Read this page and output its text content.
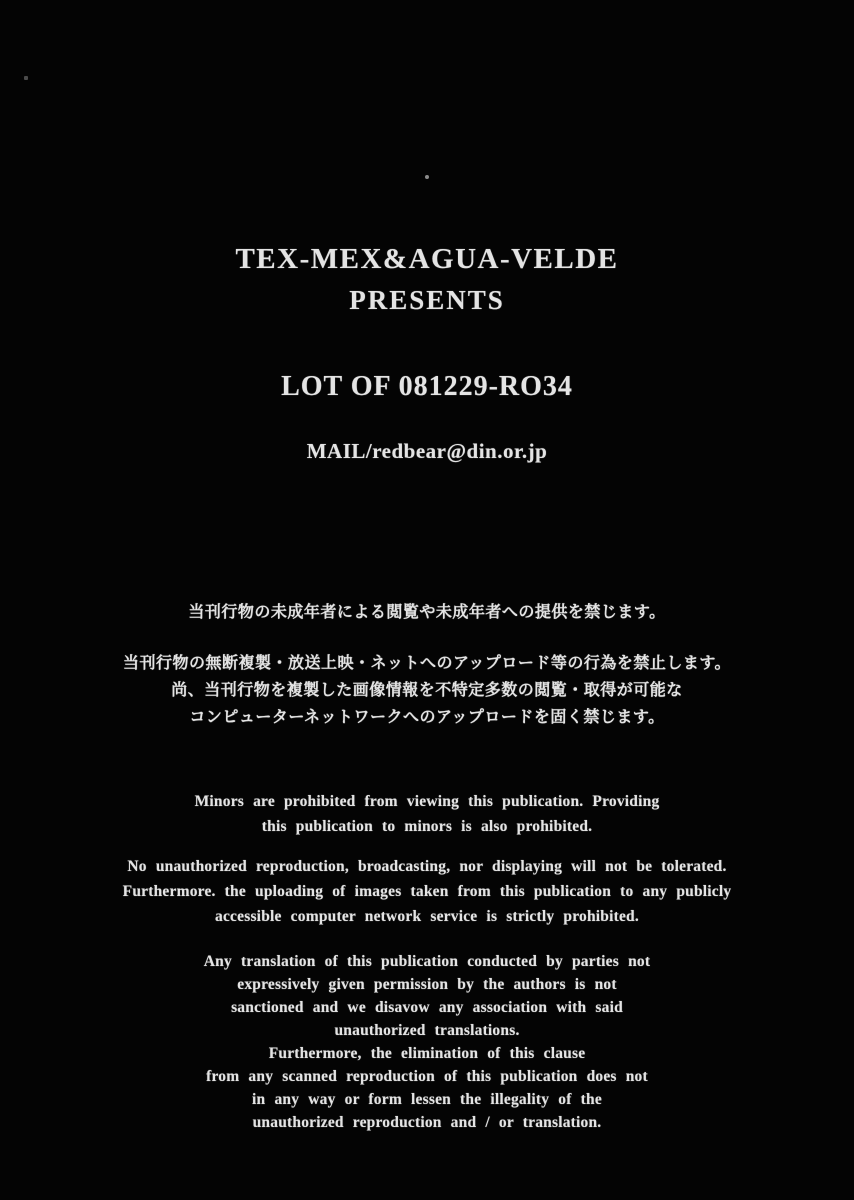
TEX-MEX&AGUA-VELDE
PRESENTS
LOT OF 081229-RO34
MAIL/redbear@din.or.jp
当刊行物の未成年者による閲覧や未成年者への提供を禁じます。
当刊行物の無断複製・放送上映・ネットへのアップロード等の行為を禁止します。
尚、当刊行物を複製した画像情報を不特定多数の閲覧・取得が可能な
コンピューターネットワークへのアップロードを固く禁じます。
Minors are prohibited from viewing this publication. Providing
this publication to minors is also prohibited.
No unauthorized reproduction, broadcasting, nor displaying will not be tolerated.
Furthermore. the uploading of images taken from this publication to any publicly
accessible computer network service is strictly prohibited.
Any translation of this publication conducted by parties not
expressively given permission by the authors is not
sanctioned and we disavow any association with said
unauthorized translations.
Furthermore, the elimination of this clause
from any scanned reproduction of this publication does not
in any way or form lessen the illegality of the
unauthorized reproduction and / or translation.
